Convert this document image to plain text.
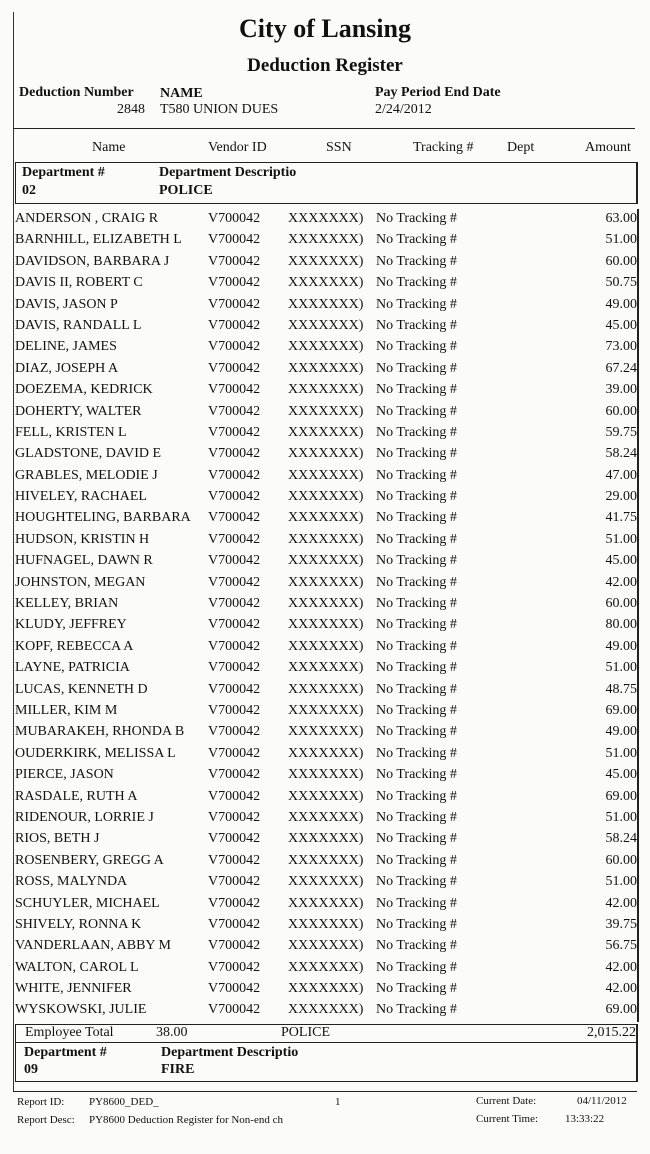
City of Lansing
Deduction Register
Deduction Number
2848
NAME
T580 UNION DUES
Pay Period End Date
2/24/2012
Name	Vendor ID	SSN	Tracking # Dept	Amount
Department #	Department Descriptio
02	POLICE
ANDERSON , CRAIG R	V700042 XXXXXXX) No Tracking #	63.00
BARNHILL, ELIZABETH L V700042 XXXXXXX) No Tracking #	51.00
DAVIDSON, BARBARA J	V700042 XXXXXXX) No Tracking #	60.00
DAVIS II, ROBERT C	V700042 XXXXXXX) No Tracking #	50.75
DAVIS, JASON P	V700042 XXXXXXX) No Tracking #	49.00
DAVIS, RANDALL L	V700042 XXXXXXX) No Tracking #	45.00
DELINE, JAMES	V700042 XXXXXXX) No Tracking #	73.00
DIAZ, JOSEPH A	V700042 XXXXXXX) No Tracking #	67.24
DOEZEMA, KEDRICK	V700042 XXXXXXX) No Tracking #	39.00
DOHERTY, WALTER	V700042 XXXXXXX) No Tracking #	60.00
FELL, KRISTEN L	V700042 XXXXXXX) No Tracking #	59.75
GLADSTONE, DAVID E	V700042 XXXXXXX) No Tracking #	58.24
GRABLES, MELODIE J	V700042 XXXXXXX) No Tracking #	47.00
HIVELEY, RACHAEL	V700042 XXXXXXX) No Tracking #	29.00
HOUGHTELING, BARBARA V700042 XXXXXXX) No Tracking #	41.75
HUDSON, KRISTIN H	V700042 XXXXXXX) No Tracking #	51.00
HUFNAGEL, DAWN R	V700042 XXXXXXX) No Tracking #	45.00
JOHNSTON, MEGAN	V700042 XXXXXXX) No Tracking #	42.00
KELLEY, BRIAN	V700042 XXXXXXX) No Tracking #	60.00
KLUDY, JEFFREY	V700042 XXXXXXX) No Tracking #	80.00
KOPF, REBECCA A	V700042 XXXXXXX) No Tracking #	49.00
LAYNE, PATRICIA	V700042 XXXXXXX) No Tracking #	51.00
LUCAS, KENNETH D	V700042 XXXXXXX) No Tracking #	48.75
MILLER, KIM M	V700042 XXXXXXX) No Tracking #	69.00
MUBARAKEH, RHONDA B V700042 XXXXXXX) No Tracking #	49.00
OUDERKIRK, MELISSA L V700042 XXXXXXX) No Tracking #	51.00
PIERCE, JASON	V700042 XXXXXXX) No Tracking #	45.00
RASDALE, RUTH A	V700042 XXXXXXX) No Tracking #	69.00
RIDENOUR, LORRIE J	V700042 XXXXXXX) No Tracking #	51.00
RIOS, BETH J	V700042 XXXXXXX) No Tracking #	58.24
ROSENBERY, GREGG A	V700042 XXXXXXX) No Tracking #	60.00
ROSS, MALYNDA	V700042 XXXXXXX) No Tracking #	51.00
SCHUYLER, MICHAEL	V700042 XXXXXXX) No Tracking #	42.00
SHIVELY, RONNA K	V700042 XXXXXXX) No Tracking #	39.75
VANDERLAAN, ABBY M	V700042 XXXXXXX) No Tracking #	56.75
WALTON, CAROL L	V700042 XXXXXXX) No Tracking #	42.00
WHITE, JENNIFER	V700042 XXXXXXX) No Tracking #	42.00
WYSKOWSKI, JULIE	V700042 XXXXXXX) No Tracking #	69.00
Employee Total	38.00	POLICE	2,015.22
Department #	Department Descriptio
09	FIRE
Report ID: PY8600_DED_
Report Desc: PY8600 Deduction Register for Non-end ch
1	Current Date:	04/11/2012
Current Time: 13:33:22
